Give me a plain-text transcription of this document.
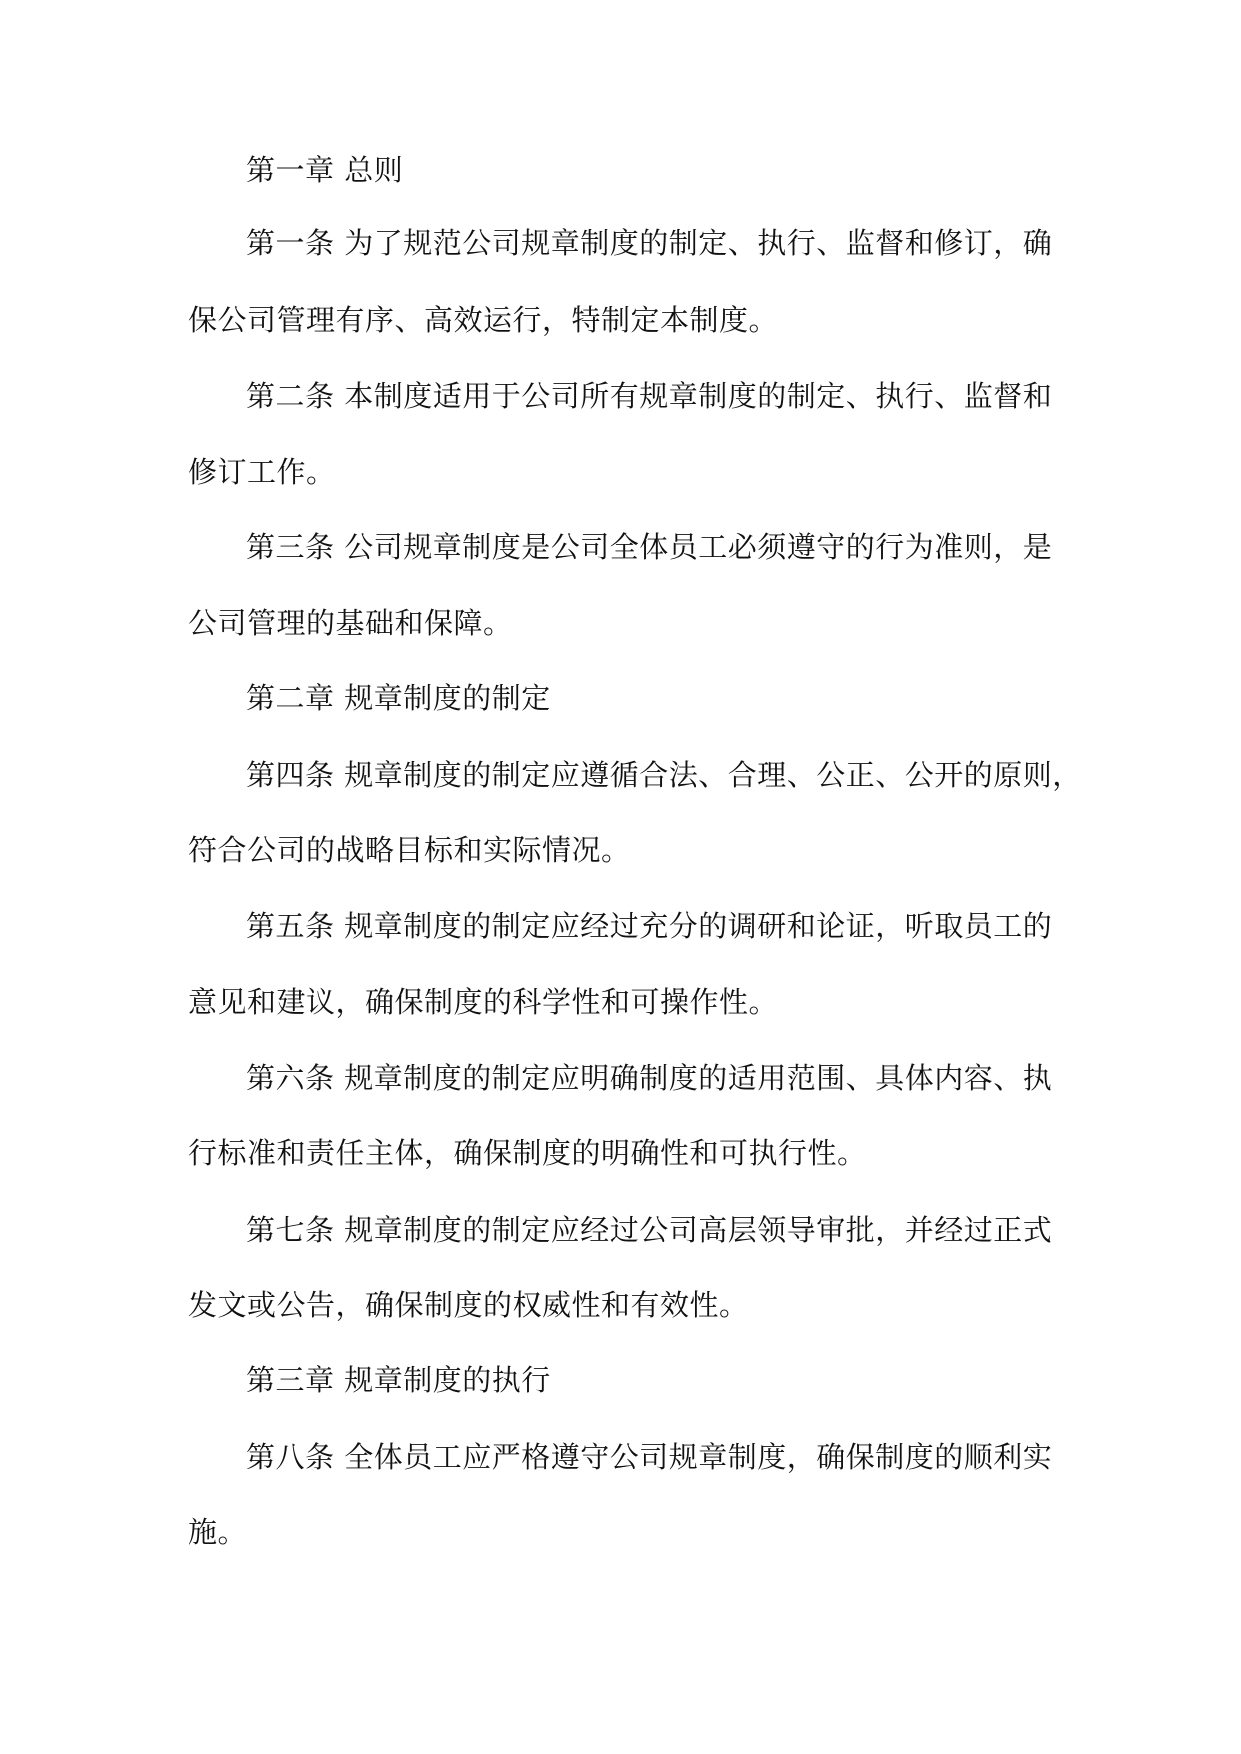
第一章 总则
第一条 为了规范公司规章制度的制定、执行、监督和修订，确
保公司管理有序、高效运行，特制定本制度。
第二条 本制度适用于公司所有规章制度的制定、执行、监督和
修订工作。
第三条 公司规章制度是公司全体员工必须遵守的行为准则，是
公司管理的基础和保障。
第二章 规章制度的制定
第四条 规章制度的制定应遵循合法、合理、公正、公开的原则，
符合公司的战略目标和实际情况。
第五条 规章制度的制定应经过充分的调研和论证，听取员工的
意见和建议，确保制度的科学性和可操作性。
第六条 规章制度的制定应明确制度的适用范围、具体内容、执
行标准和责任主体，确保制度的明确性和可执行性。
第七条 规章制度的制定应经过公司高层领导审批，并经过正式
发文或公告，确保制度的权威性和有效性。
第三章 规章制度的执行
第八条 全体员工应严格遵守公司规章制度，确保制度的顺利实
施。
